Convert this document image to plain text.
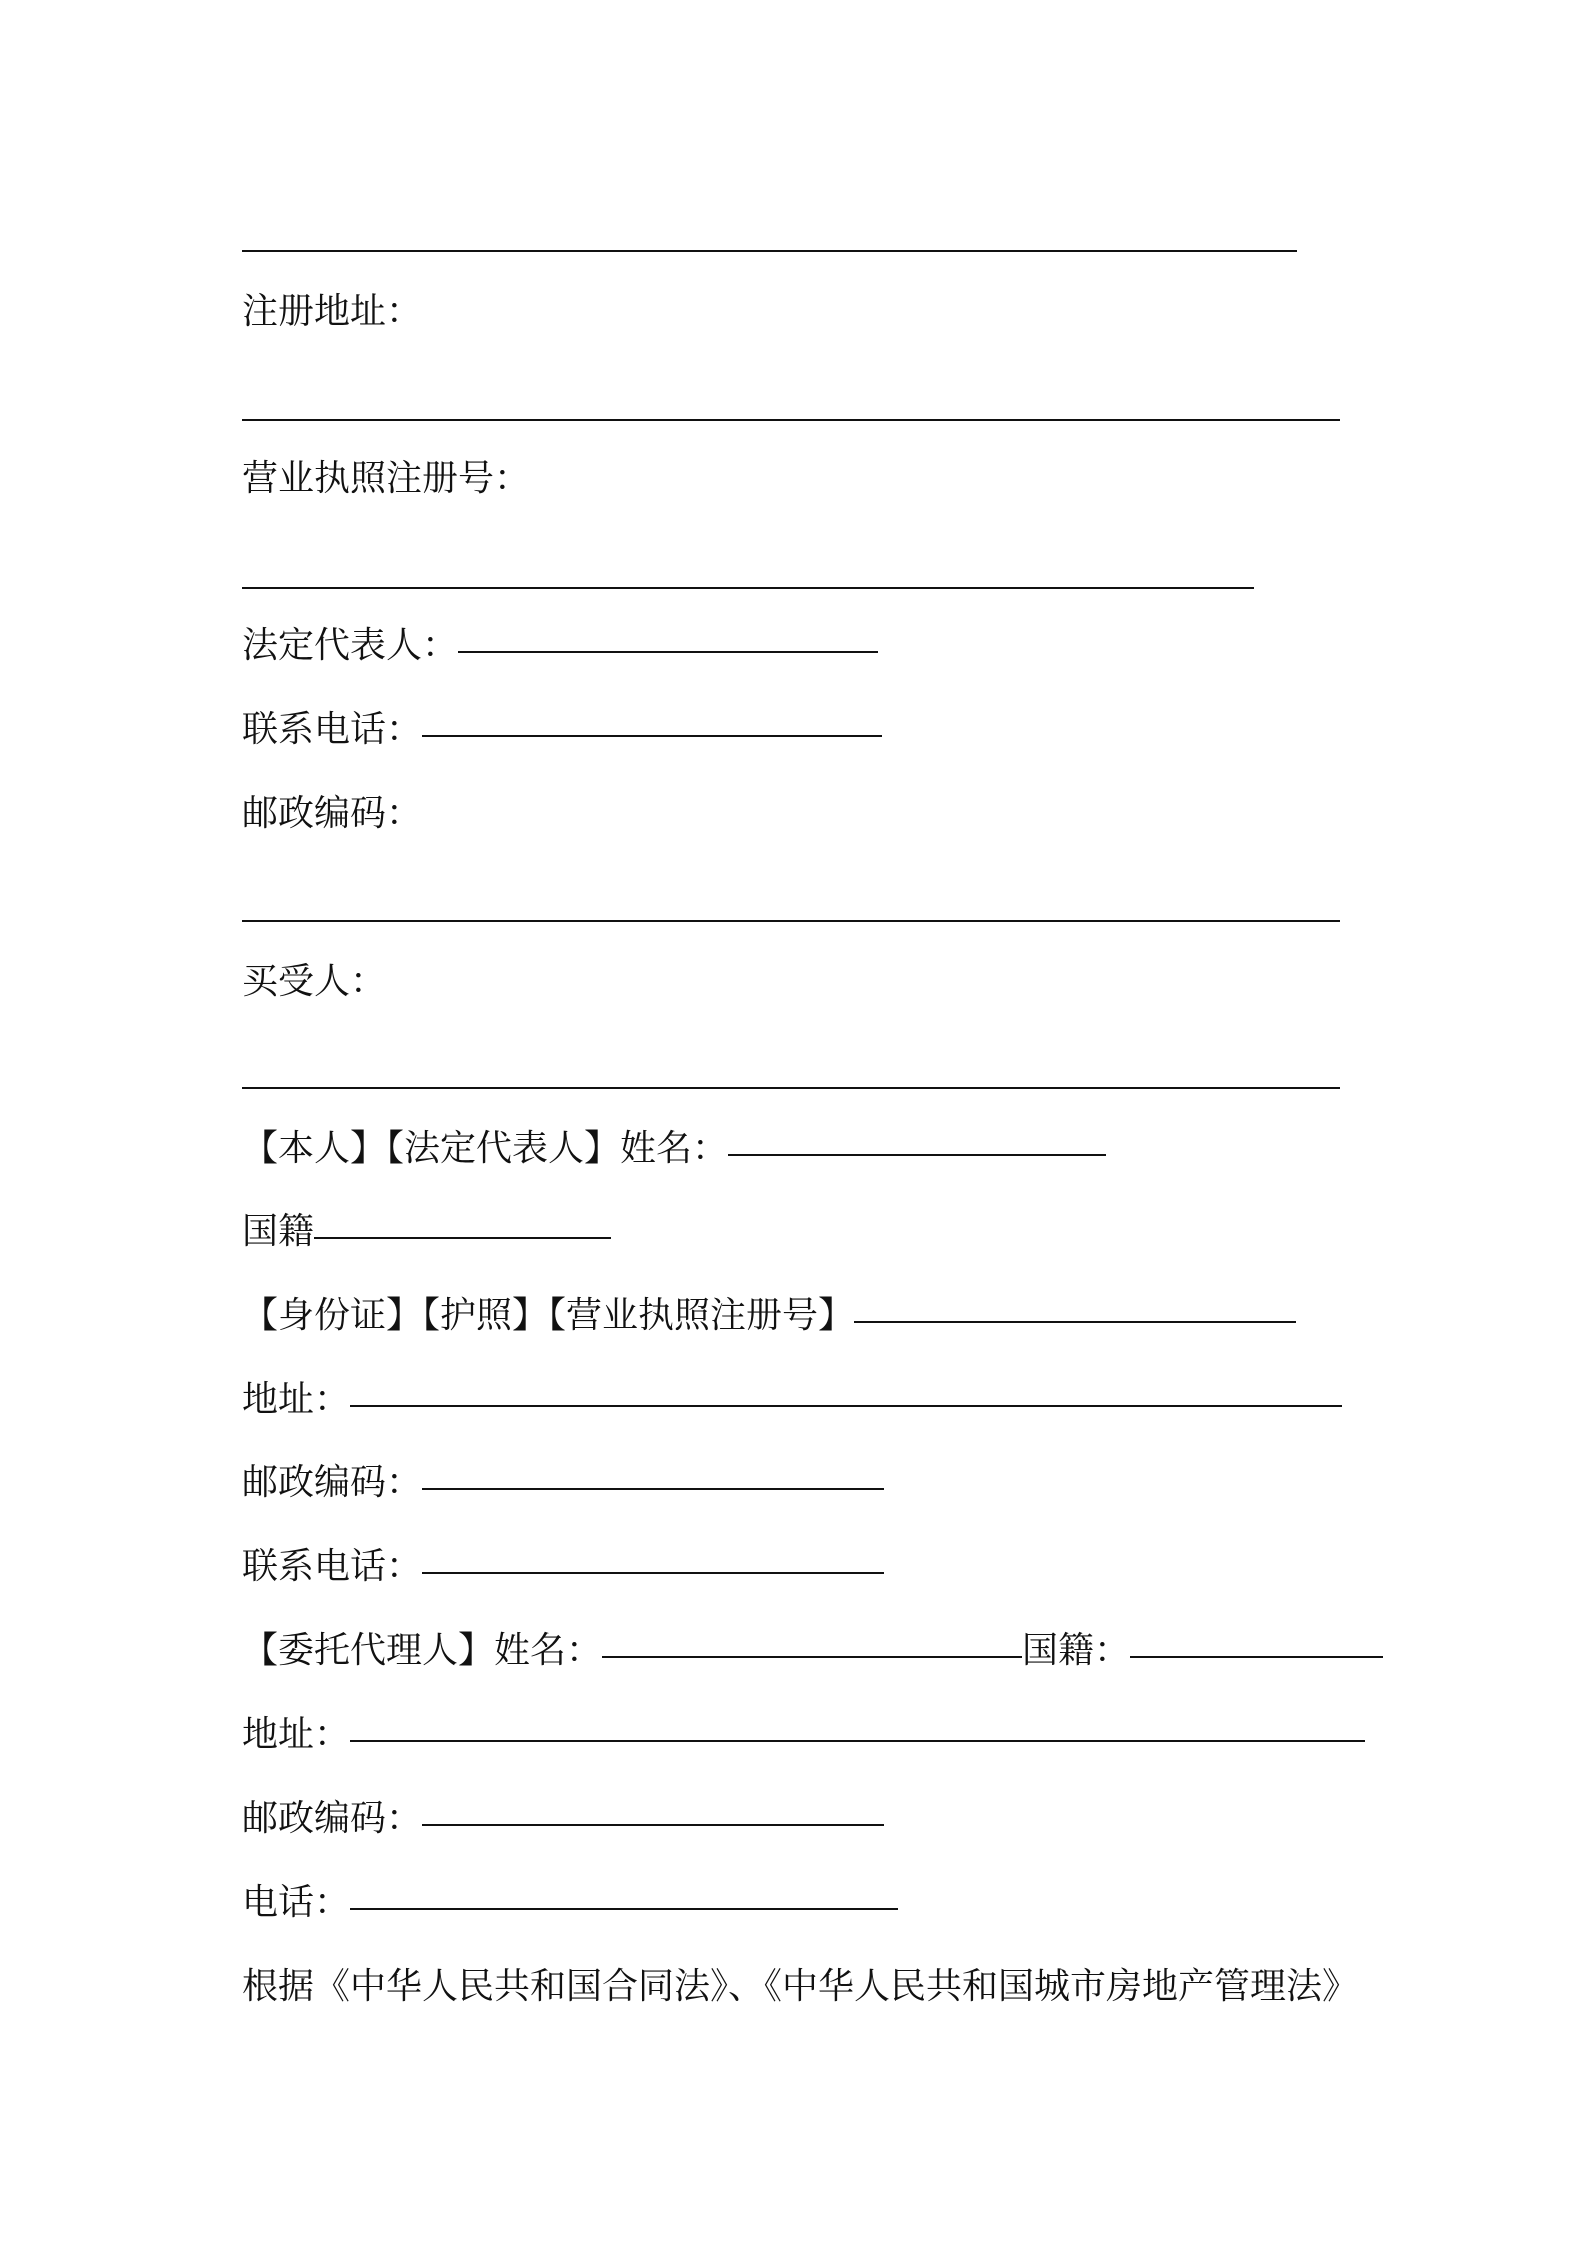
注册地址：
营业执照注册号：
法定代表人：
联系电话：
邮政编码：
买受人：
【本人】【法定代表人】姓名：
国籍
【身份证】【护照】【营业执照注册号】
地址：
邮政编码：
联系电话：
【委托代理人】姓名：	国籍：
地址：
邮政编码：
电话：
根据《中华人民共和国合同法》、《中华人民共和国城市房地产管理法》
